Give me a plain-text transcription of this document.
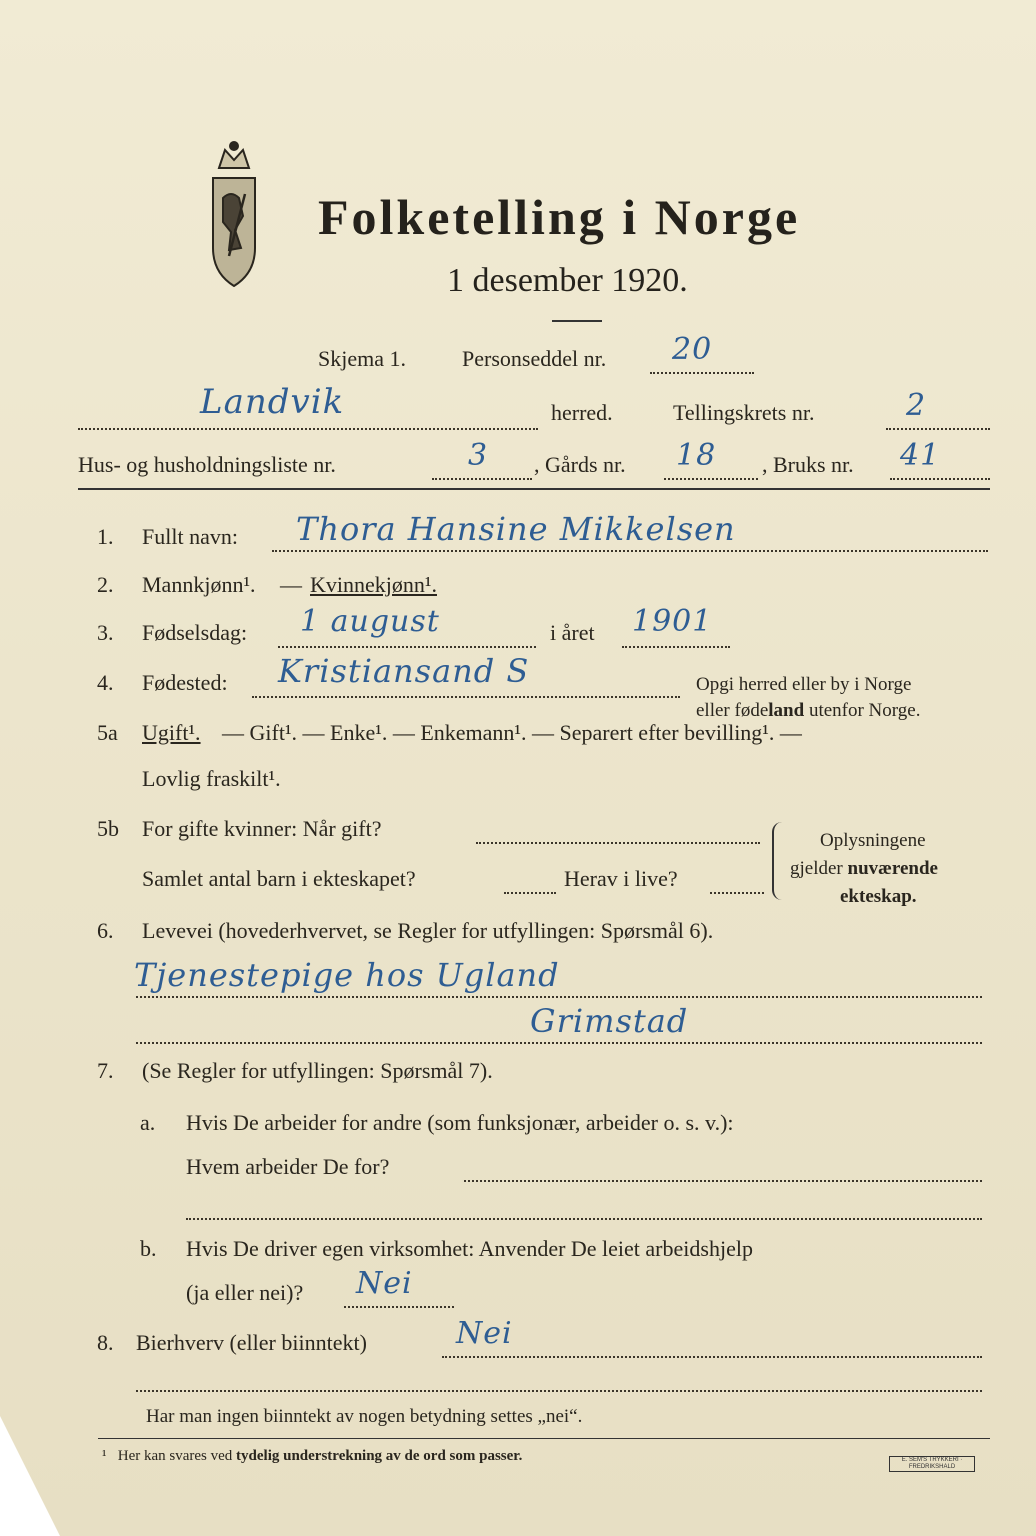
Folketelling i Norge
1 desember 1920.
Skjema 1.	Personseddel nr. 20
Landvik	herred.	Tellingskrets nr.	2
Hus- og husholdningsliste nr.	3 , Gårds nr. 18 , Bruks nr. 41
1. Fullt navn: Thora Hansine Mikkelsen
2. Mannkjønn¹. — Kvinnekjønn¹.
3. Fødselsdag: 1 august	i året 1901
4. Fødested: Kristiansand S	Opgi herred eller by i Norge
eller fødeland utenfor Norge.
5a Ugift¹. — Gift¹. — Enke¹. — Enkemann¹. — Separert efter bevilling¹. —
Lovlig fraskilt¹.
5b For gifte kvinner: Når gift?
Samlet antal barn i ekteskapet?	Herav i live?
Oplysningene
gjelder nuværende
ekteskap.
6. Levevei (hovederhvervet, se Regler for utfyllingen: Spørsmål 6).
Tjenestepige hos Ugland
Grimstad
7. (Se Regler for utfyllingen: Spørsmål 7).
a. Hvis De arbeider for andre (som funksjonær, arbeider o. s. v.):
Hvem arbeider De for?
b. Hvis De driver egen virksomhet: Anvender De leiet arbeidshjelp
(ja eller nei)? Nei
8. Bierhverv (eller biinntekt)	Nei
Har man ingen biinntekt av nogen betydning settes „nei“.
¹ Her kan svares ved tydelig understrekning av de ord som passer.	E. SEM'S TRYKKERI · FREDRIKSHALD
